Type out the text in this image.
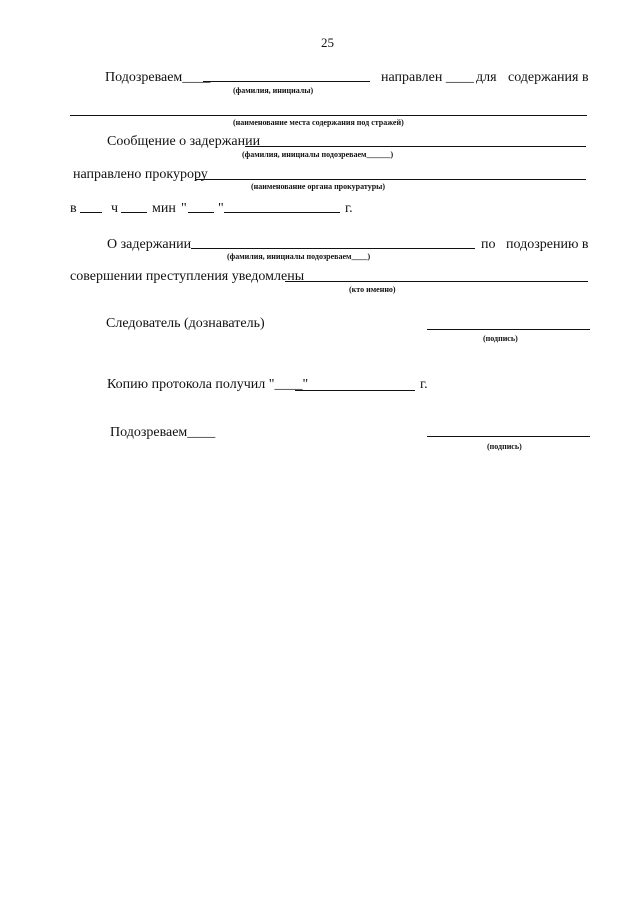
25
Подозреваем____	направлен ____ для содержания в
(фамилия, инициалы)
(наименование места содержания под стражей)
Сообщение о задержании
(фамилия, инициалы подозреваем______)
направлено прокурору
(наименование органа прокуратуры)
в ч мин " "	г.
О задержании	по подозрению в
(фамилия, инициалы подозреваем____)
совершении преступления уведомлены
(кто именно)
Следователь (дознаватель)
(подпись)
Копию протокола получил "____"	г.
Подозреваем____
(подпись)
